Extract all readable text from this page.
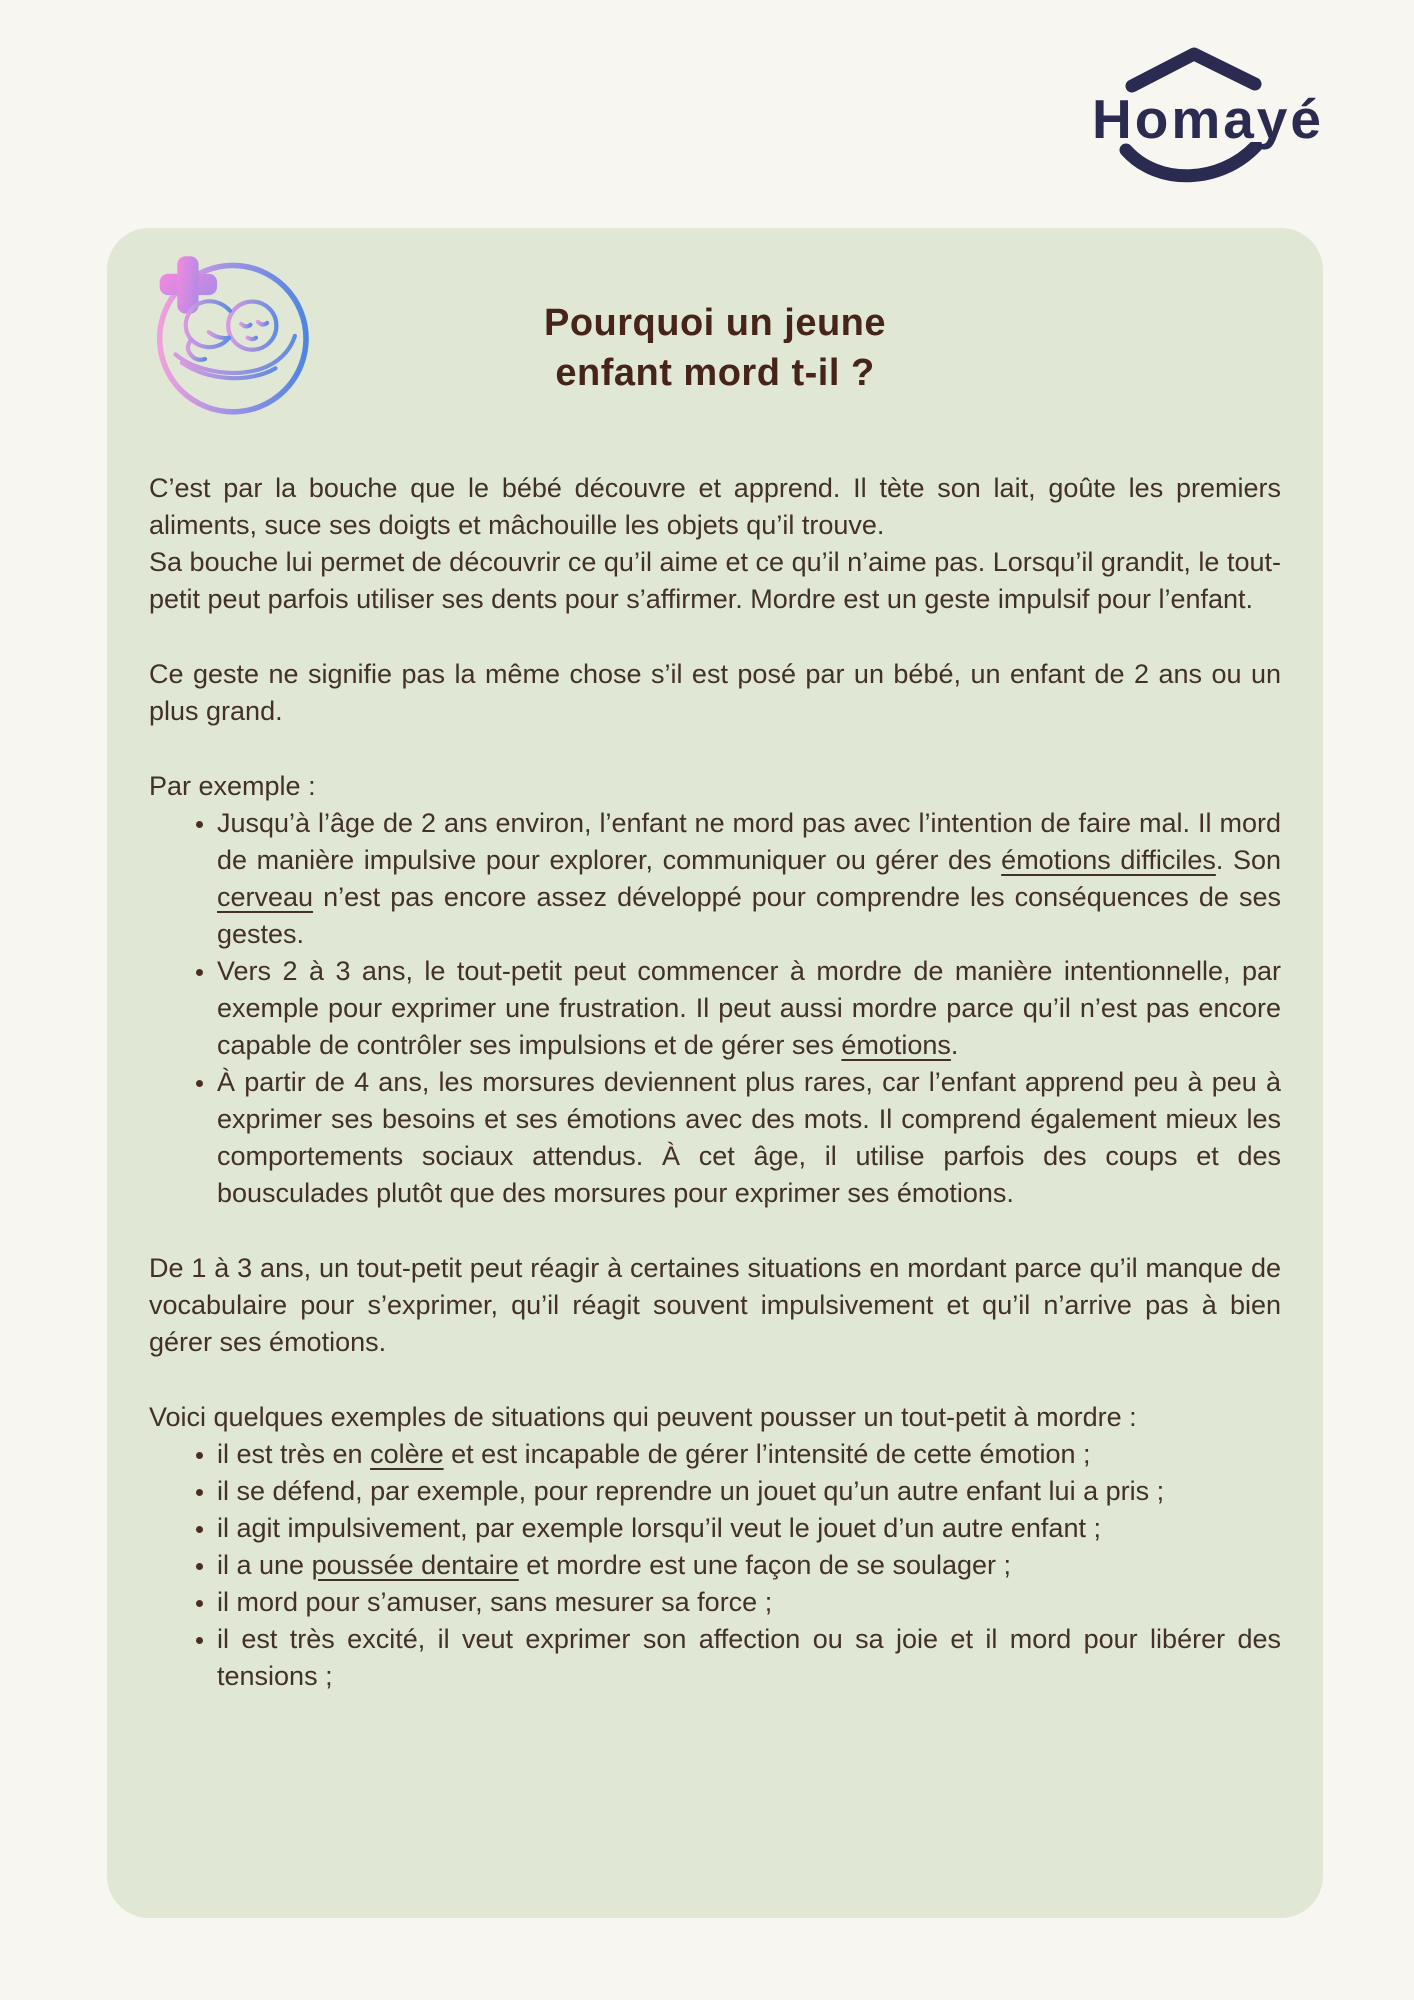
Homayé
Pourquoi un jeune
enfant mord t-il ?

C’est par la bouche que le bébé découvre et apprend. Il tète son lait, goûte les premiers aliments, suce ses doigts et mâchouille les objets qu’il trouve.
Sa bouche lui permet de découvrir ce qu’il aime et ce qu’il n’aime pas. Lorsqu’il grandit, le tout-petit peut parfois utiliser ses dents pour s’affirmer. Mordre est un geste impulsif pour l’enfant.

Ce geste ne signifie pas la même chose s’il est posé par un bébé, un enfant de 2 ans ou un plus grand.

Par exemple :

• Jusqu’à l’âge de 2 ans environ, l’enfant ne mord pas avec l’intention de faire mal. Il mord de manière impulsive pour explorer, communiquer ou gérer des émotions difficiles. Son cerveau n’est pas encore assez développé pour comprendre les conséquences de ses gestes.
• Vers 2 à 3 ans, le tout-petit peut commencer à mordre de manière intentionnelle, par exemple pour exprimer une frustration. Il peut aussi mordre parce qu’il n’est pas encore capable de contrôler ses impulsions et de gérer ses émotions.
• À partir de 4 ans, les morsures deviennent plus rares, car l’enfant apprend peu à peu à exprimer ses besoins et ses émotions avec des mots. Il comprend également mieux les comportements sociaux attendus. À cet âge, il utilise parfois des coups et des bousculades plutôt que des morsures pour exprimer ses émotions.

De 1 à 3 ans, un tout-petit peut réagir à certaines situations en mordant parce qu’il manque de vocabulaire pour s’exprimer, qu’il réagit souvent impulsivement et qu’il n’arrive pas à bien gérer ses émotions.

Voici quelques exemples de situations qui peuvent pousser un tout-petit à mordre :

• il est très en colère et est incapable de gérer l’intensité de cette émotion ;
• il se défend, par exemple, pour reprendre un jouet qu’un autre enfant lui a pris ;
• il agit impulsivement, par exemple lorsqu’il veut le jouet d’un autre enfant ;
• il a une poussée dentaire et mordre est une façon de se soulager ;
• il mord pour s’amuser, sans mesurer sa force ;
• il est très excité, il veut exprimer son affection ou sa joie et il mord pour libérer des tensions ;
